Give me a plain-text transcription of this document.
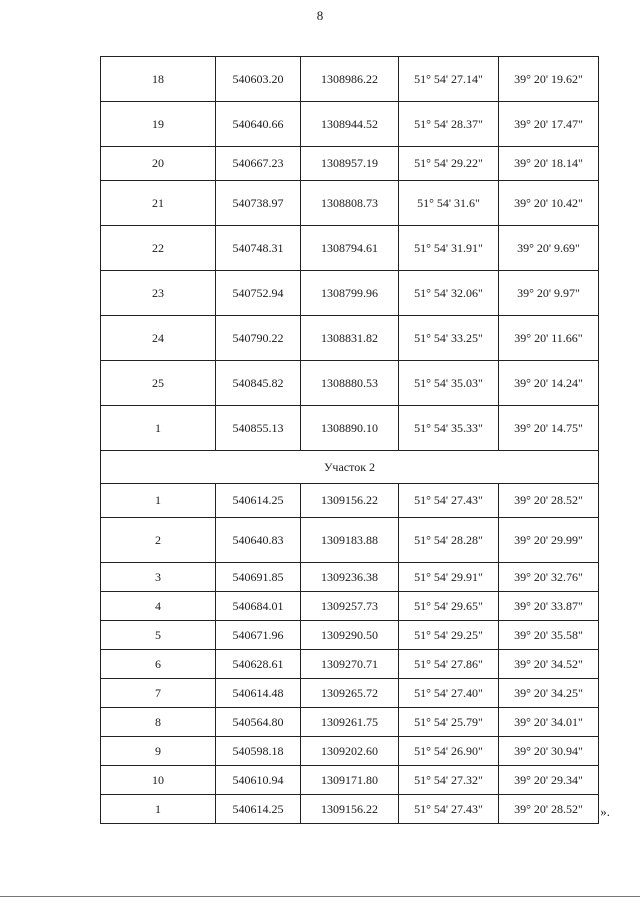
8
18	540603.20	1308986.22	51° 54' 27.14"	39° 20' 19.62"
19	540640.66	1308944.52	51° 54' 28.37"	39° 20' 17.47"
20	540667.23	1308957.19	51° 54' 29.22"	39° 20' 18.14"
21	540738.97	1308808.73	51° 54' 31.6"	39° 20' 10.42"
22	540748.31	1308794.61	51° 54' 31.91"	39° 20' 9.69"
23	540752.94	1308799.96	51° 54' 32.06"	39° 20' 9.97"
24	540790.22	1308831.82	51° 54' 33.25"	39° 20' 11.66"
25	540845.82	1308880.53	51° 54' 35.03"	39° 20' 14.24"
1	540855.13	1308890.10	51° 54' 35.33"	39° 20' 14.75"
Участок 2				
1	540614.25	1309156.22	51° 54' 27.43"	39° 20' 28.52"
2	540640.83	1309183.88	51° 54' 28.28"	39° 20' 29.99"
3	540691.85	1309236.38	51° 54' 29.91"	39° 20' 32.76"
4	540684.01	1309257.73	51° 54' 29.65"	39° 20' 33.87"
5	540671.96	1309290.50	51° 54' 29.25"	39° 20' 35.58"
6	540628.61	1309270.71	51° 54' 27.86"	39° 20' 34.52"
7	540614.48	1309265.72	51° 54' 27.40"	39° 20' 34.25"
8	540564.80	1309261.75	51° 54' 25.79"	39° 20' 34.01"
9	540598.18	1309202.60	51° 54' 26.90"	39° 20' 30.94"
10	540610.94	1309171.80	51° 54' 27.32"	39° 20' 29.34"
1	540614.25	1309156.22	51° 54' 27.43"	39° 20' 28.52" ».
